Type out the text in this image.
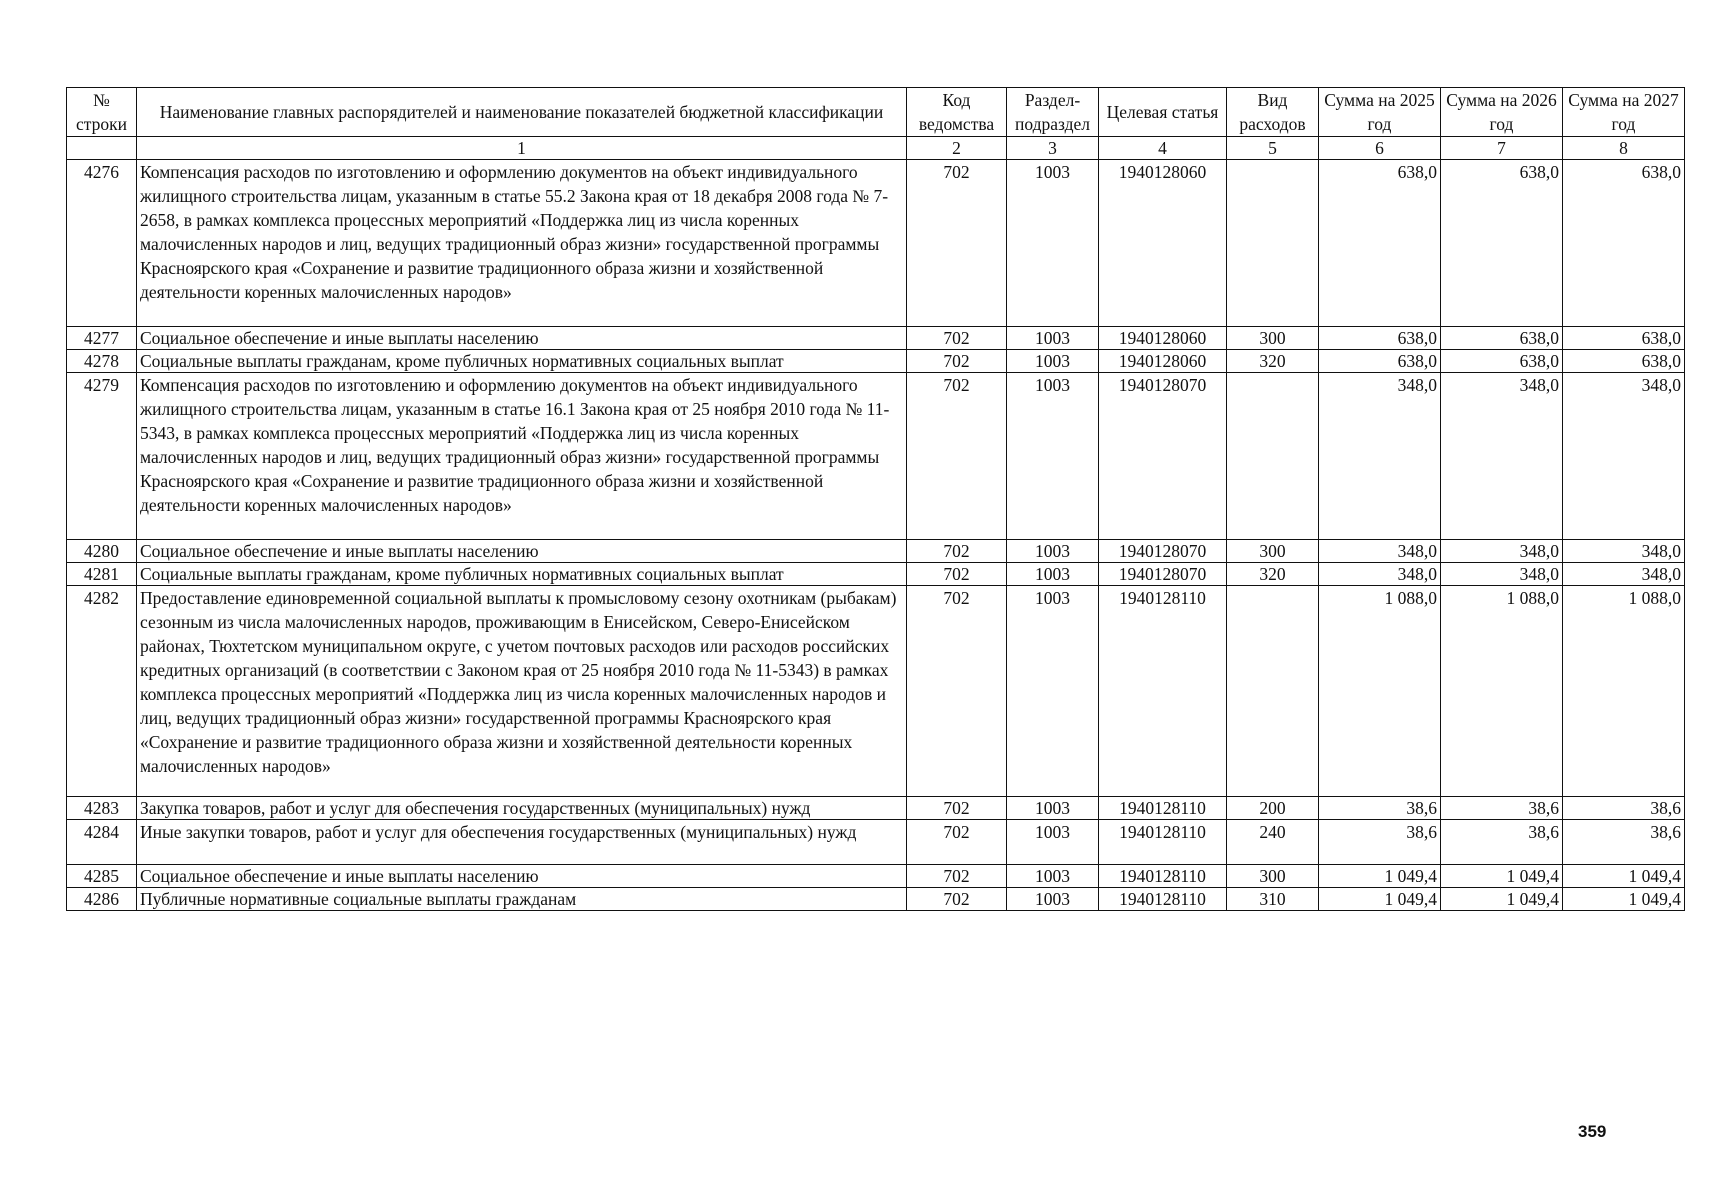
№ строки	Наименование главных распорядителей и наименование показателей бюджетной классификации	Код ведомства	Раздел-подраздел	Целевая статья	Вид расходов	Сумма на 2025 год	Сумма на 2026 год	Сумма на 2027 год
	1	2	3	4	5	6	7	8
4276	Компенсация расходов по изготовлению и оформлению документов на объект индивидуального жилищного строительства лицам, указанным в статье 55.2 Закона края от 18 декабря 2008 года № 7-2658, в рамках комплекса процессных мероприятий «Поддержка лиц из числа коренных малочисленных народов и лиц, ведущих традиционный образ жизни» государственной программы Красноярского края «Сохранение и развитие традиционного образа жизни и хозяйственной деятельности коренных малочисленных народов»	702	1003	1940128060		638,0	638,0	638,0
4277	Социальное обеспечение и иные выплаты населению	702	1003	1940128060	300	638,0	638,0	638,0
4278	Социальные выплаты гражданам, кроме публичных нормативных социальных выплат	702	1003	1940128060	320	638,0	638,0	638,0
4279	Компенсация расходов по изготовлению и оформлению документов на объект индивидуального жилищного строительства лицам, указанным в статье 16.1 Закона края от 25 ноября 2010 года № 11-5343, в рамках комплекса процессных мероприятий «Поддержка лиц из числа коренных малочисленных народов и лиц, ведущих традиционный образ жизни» государственной программы Красноярского края «Сохранение и развитие традиционного образа жизни и хозяйственной деятельности коренных малочисленных народов»	702	1003	1940128070		348,0	348,0	348,0
4280	Социальное обеспечение и иные выплаты населению	702	1003	1940128070	300	348,0	348,0	348,0
4281	Социальные выплаты гражданам, кроме публичных нормативных социальных выплат	702	1003	1940128070	320	348,0	348,0	348,0
4282	Предоставление единовременной социальной выплаты к промысловому сезону охотникам (рыбакам) сезонным из числа малочисленных народов, проживающим в Енисейском, Северо-Енисейском районах, Тюхтетском муниципальном округе, с учетом почтовых расходов или расходов российских кредитных организаций (в соответствии с Законом края от 25 ноября 2010 года № 11-5343) в рамках комплекса процессных мероприятий «Поддержка лиц из числа коренных малочисленных народов и лиц, ведущих традиционный образ жизни» государственной программы Красноярского края «Сохранение и развитие традиционного образа жизни и хозяйственной деятельности коренных малочисленных народов»	702	1003	1940128110		1 088,0	1 088,0	1 088,0
4283	Закупка товаров, работ и услуг для обеспечения государственных (муниципальных) нужд	702	1003	1940128110	200	38,6	38,6	38,6
4284	Иные закупки товаров, работ и услуг для обеспечения государственных (муниципальных) нужд	702	1003	1940128110	240	38,6	38,6	38,6
4285	Социальное обеспечение и иные выплаты населению	702	1003	1940128110	300	1 049,4	1 049,4	1 049,4
4286	Публичные нормативные социальные выплаты гражданам	702	1003	1940128110	310	1 049,4	1 049,4	1 049,4
359
